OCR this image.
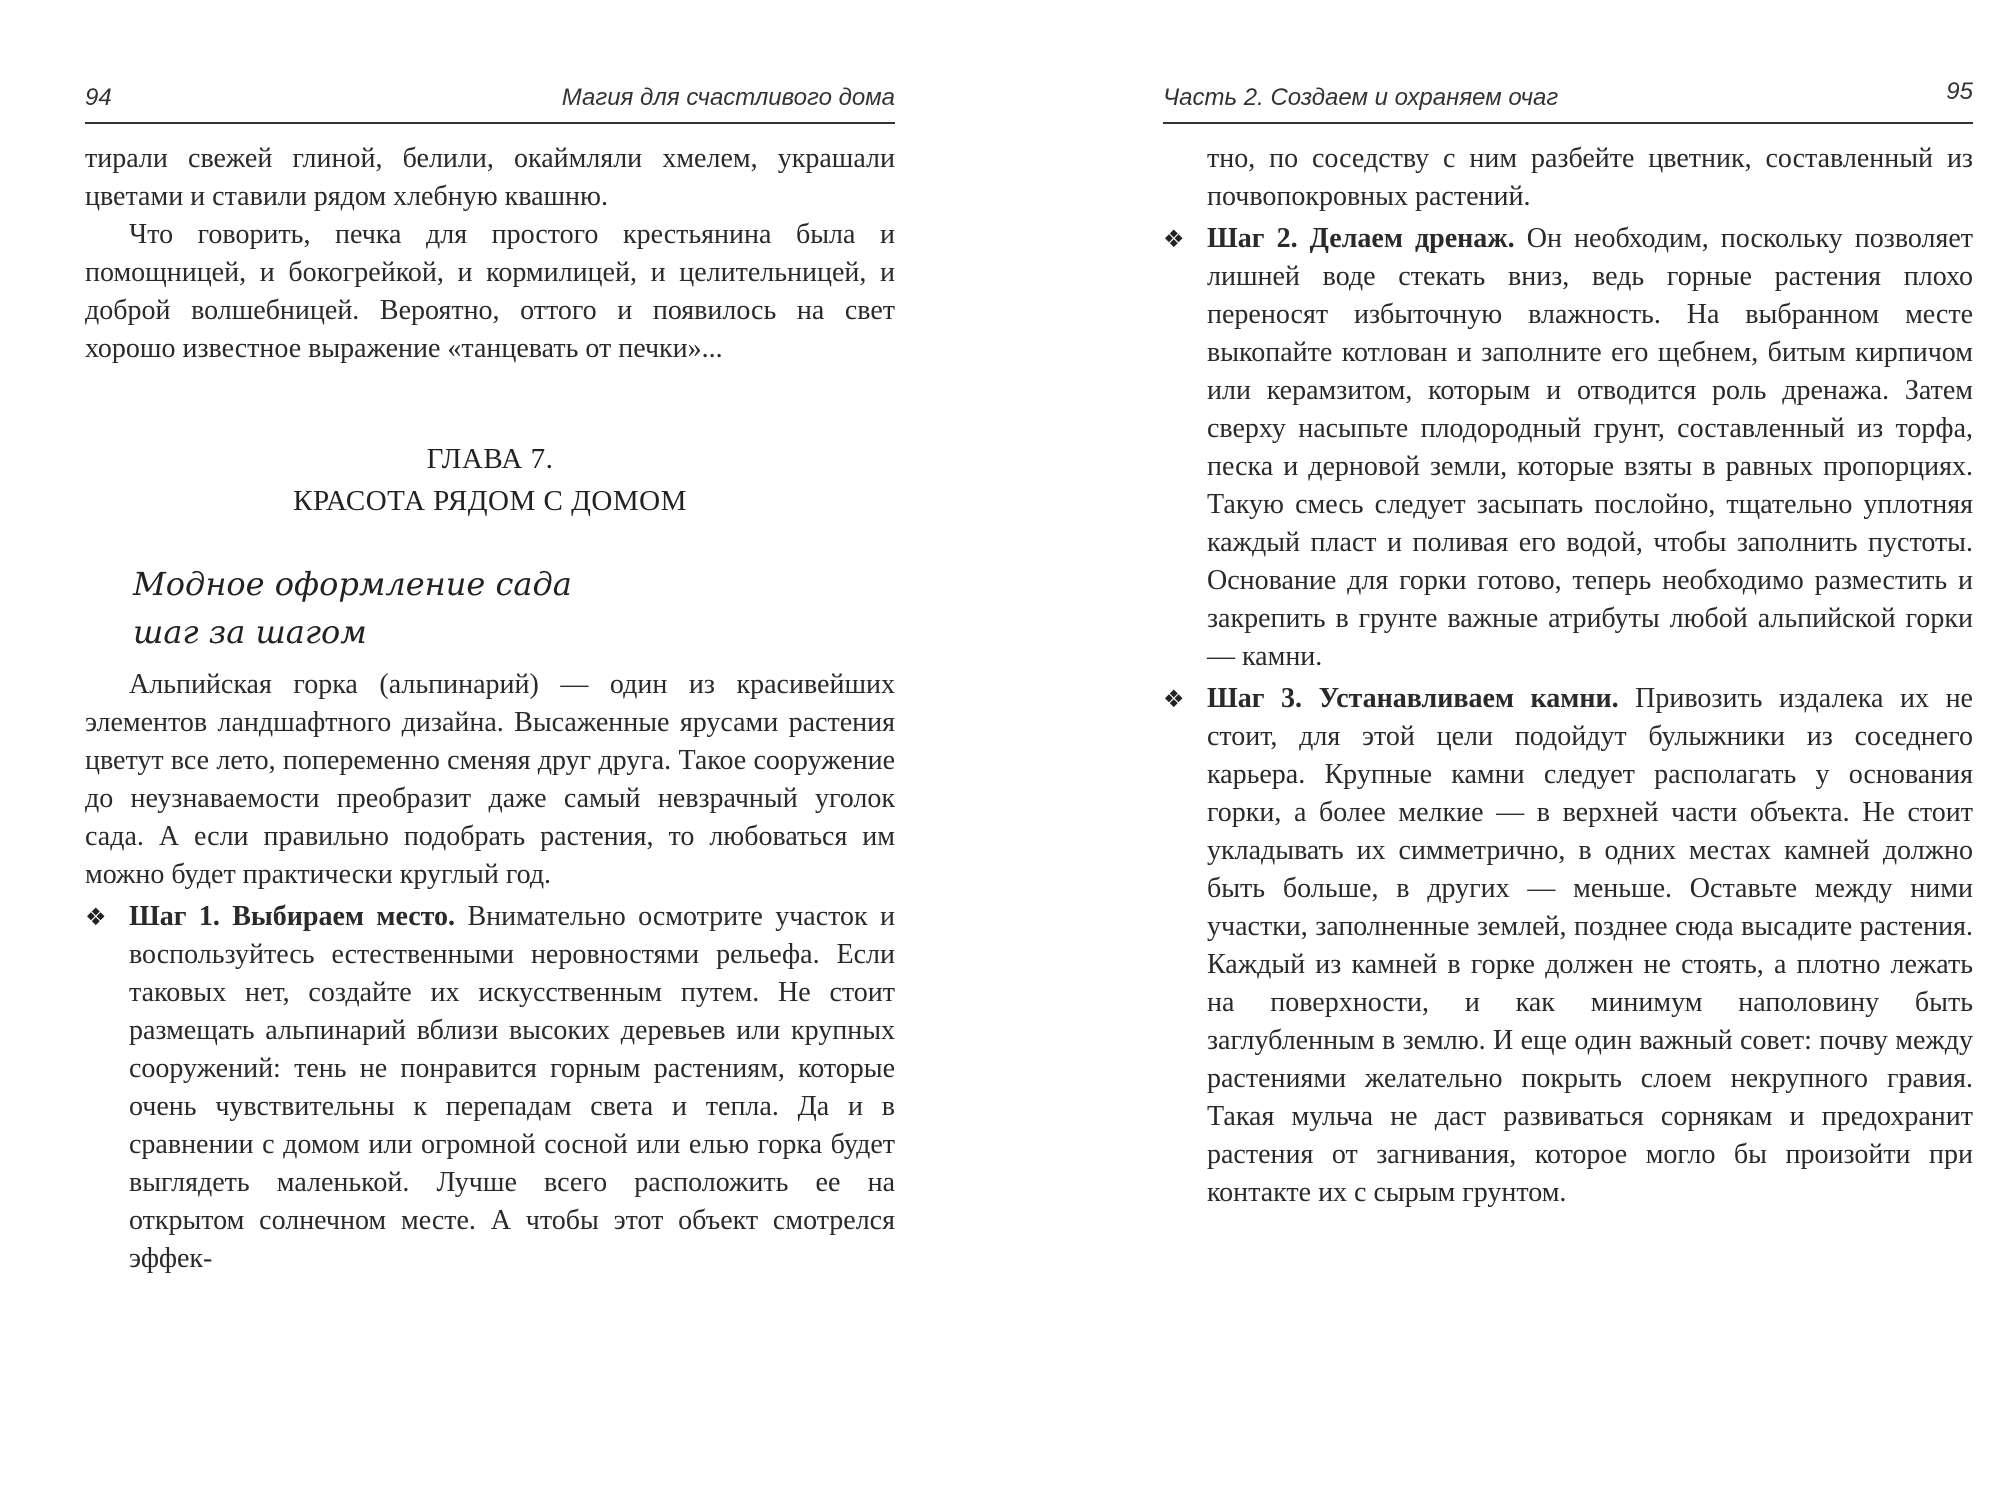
94	Магия для счастливого дома

тирали свежей глиной, белили, окаймляли хмелем, украшали цветами и ставили рядом хлебную квашню.

Что говорить, печка для простого крестьянина была и помощницей, и бокогрейкой, и кормилицей, и целительницей, и доброй волшебницей. Вероятно, оттого и появилось на свет хорошо известное выражение «танцевать от печки»...

ГЛАВА 7.
КРАСОТА РЯДОМ С ДОМОМ
Модное оформление сада
шаг за шагом

Альпийская горка (альпинарий) — один из красивейших элементов ландшафтного дизайна. Высаженные ярусами растения цветут все лето, попеременно сменяя друг друга. Такое сооружение до неузнаваемости преобразит даже самый невзрачный уголок сада. А если правильно подобрать растения, то любоваться им можно будет практически круглый год.

❖ Шаг 1. Выбираем место. Внимательно осмотрите участок и воспользуйтесь естественными неровностями рельефа. Если таковых нет, создайте их искусственным путем. Не стоит размещать альпинарий вблизи высоких деревьев или крупных сооружений: тень не понравится горным растениям, которые очень чувствительны к перепадам света и тепла. Да и в сравнении с домом или огромной сосной или елью горка будет выглядеть маленькой. Лучше всего расположить ее на открытом солнечном месте. А чтобы этот объект смотрелся эффек-

Часть 2. Создаем и охраняем очаг	95

тно, по соседству с ним разбейте цветник, составленный из почвопокровных растений.

❖ Шаг 2. Делаем дренаж. Он необходим, поскольку позволяет лишней воде стекать вниз, ведь горные растения плохо переносят избыточную влажность. На выбранном месте выкопайте котлован и заполните его щебнем, битым кирпичом или керамзитом, которым и отводится роль дренажа. Затем сверху насыпьте плодородный грунт, составленный из торфа, песка и дерновой земли, которые взяты в равных пропорциях. Такую смесь следует засыпать послойно, тщательно уплотняя каждый пласт и поливая его водой, чтобы заполнить пустоты. Основание для горки готово, теперь необходимо разместить и закрепить в грунте важные атрибуты любой альпийской горки — камни.

❖ Шаг 3. Устанавливаем камни. Привозить издалека их не стоит, для этой цели подойдут булыжники из соседнего карьера. Крупные камни следует располагать у основания горки, а более мелкие — в верхней части объекта. Не стоит укладывать их симметрично, в одних местах камней должно быть больше, в других — меньше. Оставьте между ними участки, заполненные землей, позднее сюда высадите растения. Каждый из камней в горке должен не стоять, а плотно лежать на поверхности, и как минимум наполовину быть заглубленным в землю. И еще один важный совет: почву между растениями желательно покрыть слоем некрупного гравия. Такая мульча не даст развиваться сорнякам и предохранит растения от загнивания, которое могло бы произойти при контакте их с сырым грунтом.
